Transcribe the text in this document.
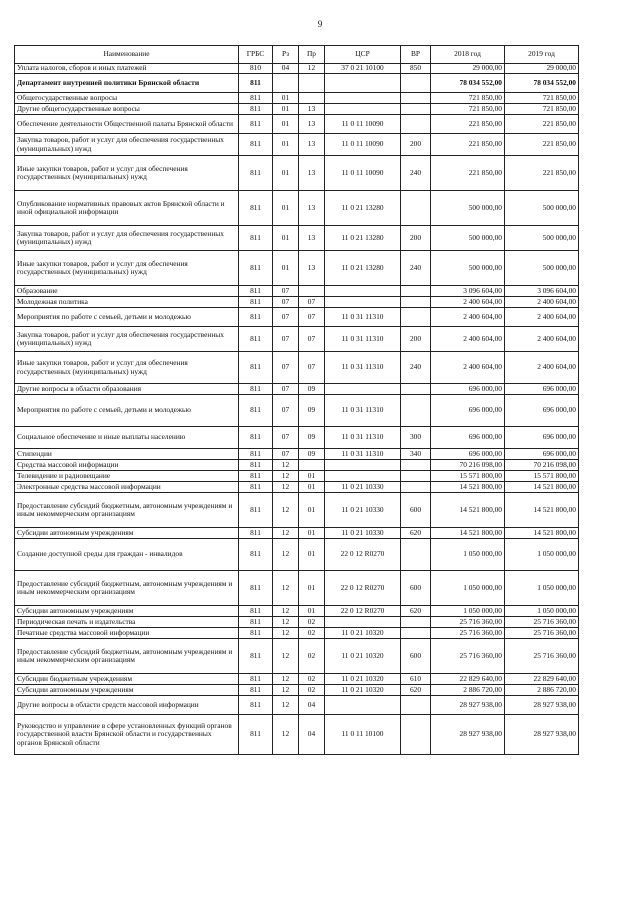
9
Наименование	ГРБС	Рз	Пр	ЦСР	ВР	2018 год	2019 год
Уплата налогов, сборов и иных платежей	810	04	12	37 0 21 10100	850	29 000,00	29 000,00
Департамент внутренней политики Брянской области	811					78 034 552,00	78 034 552,00
Общегосударственные вопросы	811	01				721 850,00	721 850,00
Другие общегосударственные вопросы	811	01	13			721 850,00	721 850,00
Обеспечение деятельности Общественной палаты Брянской области	811	01	13	11 0 11 10090		221 850,00	221 850,00
Закупка товаров, работ и услуг для обеспечения государственных (муниципальных) нужд	811	01	13	11 0 11 10090	200	221 850,00	221 850,00
Иные закупки товаров, работ и услуг для обеспечения государственных (муниципальных) нужд	811	01	13	11 0 11 10090	240	221 850,00	221 850,00
Опубликование нормативных правовых актов Брянской области и иной официальной информации	811	01	13	11 0 21 13280		500 000,00	500 000,00
Закупка товаров, работ и услуг для обеспечения государственных (муниципальных) нужд	811	01	13	11 0 21 13280	200	500 000,00	500 000,00
Иные закупки товаров, работ и услуг для обеспечения государственных (муниципальных) нужд	811	01	13	11 0 21 13280	240	500 000,00	500 000,00
Образование	811	07				3 096 604,00	3 096 604,00
Молодежная политика	811	07	07			2 400 604,00	2 400 604,00
Мероприятия по работе с семьей, детьми и молодежью	811	07	07	11 0 31 11310		2 400 604,00	2 400 604,00
Закупка товаров, работ и услуг для обеспечения государственных (муниципальных) нужд	811	07	07	11 0 31 11310	200	2 400 604,00	2 400 604,00
Иные закупки товаров, работ и услуг для обеспечения государственных (муниципальных) нужд	811	07	07	11 0 31 11310	240	2 400 604,00	2 400 604,00
Другие вопросы в области образования	811	07	09			696 000,00	696 000,00
Мероприятия по работе с семьей, детьми и молодежью	811	07	09	11 0 31 11310		696 000,00	696 000,00
Социальное обеспечение и иные выплаты населению	811	07	09	11 0 31 11310	300	696 000,00	696 000,00
Стипендии	811	07	09	11 0 31 11310	340	696 000,00	696 000,00
Средства массовой информации	811	12				70 216 098,00	70 216 098,00
Телевидение и радиовещание	811	12	01			15 571 800,00	15 571 800,00
Электронные средства массовой информации	811	12	01	11 0 21 10330		14 521 800,00	14 521 800,00
Предоставление субсидий бюджетным, автономным учреждениям и иным некоммерческим организациям	811	12	01	11 0 21 10330	600	14 521 800,00	14 521 800,00
Субсидии автономным учреждениям	811	12	01	11 0 21 10330	620	14 521 800,00	14 521 800,00
Создание доступной среды для граждан - инвалидов	811	12	01	22 0 12 R0270		1 050 000,00	1 050 000,00
Предоставление субсидий бюджетным, автономным учреждениям и иным некоммерческим организациям	811	12	01	22 0 12 R0270	600	1 050 000,00	1 050 000,00
Субсидии автономным учреждениям	811	12	01	22 0 12 R0270	620	1 050 000,00	1 050 000,00
Периодическая печать и издательства	811	12	02			25 716 360,00	25 716 360,00
Печатные средства массовой информации	811	12	02	11 0 21 10320		25 716 360,00	25 716 360,00
Предоставление субсидий бюджетным, автономным учреждениям и иным некоммерческим организациям	811	12	02	11 0 21 10320	600	25 716 360,00	25 716 360,00
Субсидии бюджетным учреждениям	811	12	02	11 0 21 10320	610	22 829 640,00	22 829 640,00
Субсидии автономным учреждениям	811	12	02	11 0 21 10320	620	2 886 720,00	2 886 720,00
Другие вопросы в области средств массовой информации	811	12	04			28 927 938,00	28 927 938,00
Руководство и управление в сфере установленных функций органов государственной власти Брянской области и государственных органов Брянской области	811	12	04	11 0 11 10100		28 927 938,00	28 927 938,00
